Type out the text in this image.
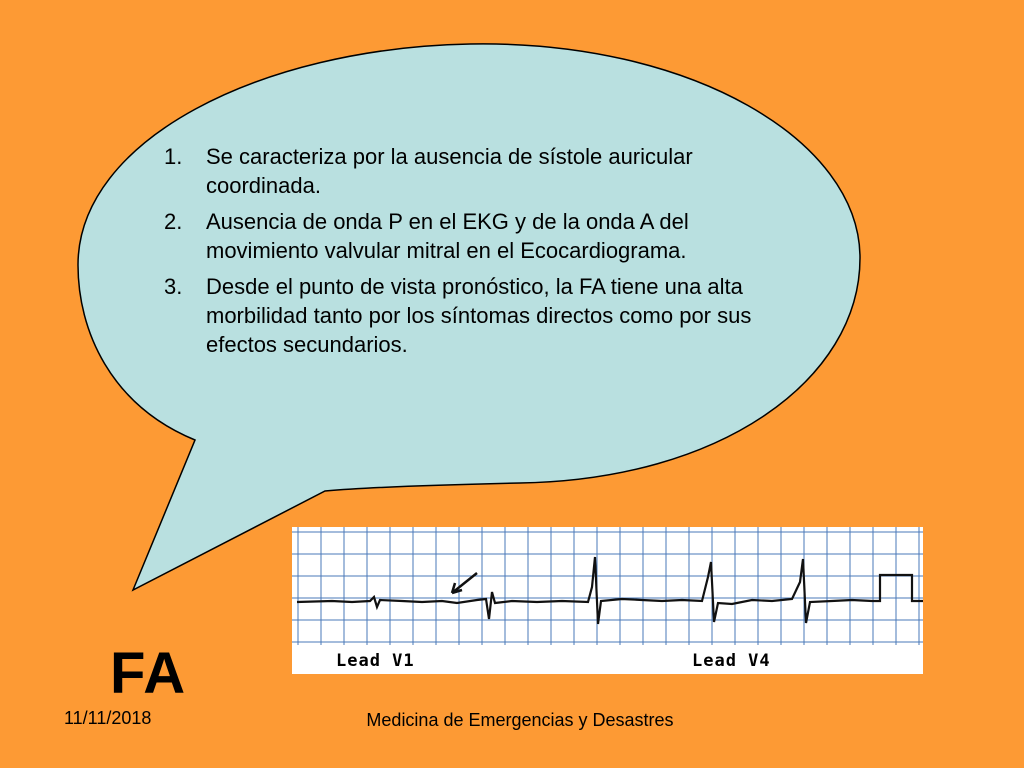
1. Se caracteriza por la ausencia de sístole auricular coordinada.
2. Ausencia de onda P en el EKG y de la onda A del movimiento valvular mitral en el Ecocardiograma.
3. Desde el punto de vista pronóstico, la FA tiene una alta morbilidad tanto por los síntomas directos como por sus efectos secundarios.
Lead V1	Lead V4
FA
11/11/2018	Medicina de Emergencias y Desastres
